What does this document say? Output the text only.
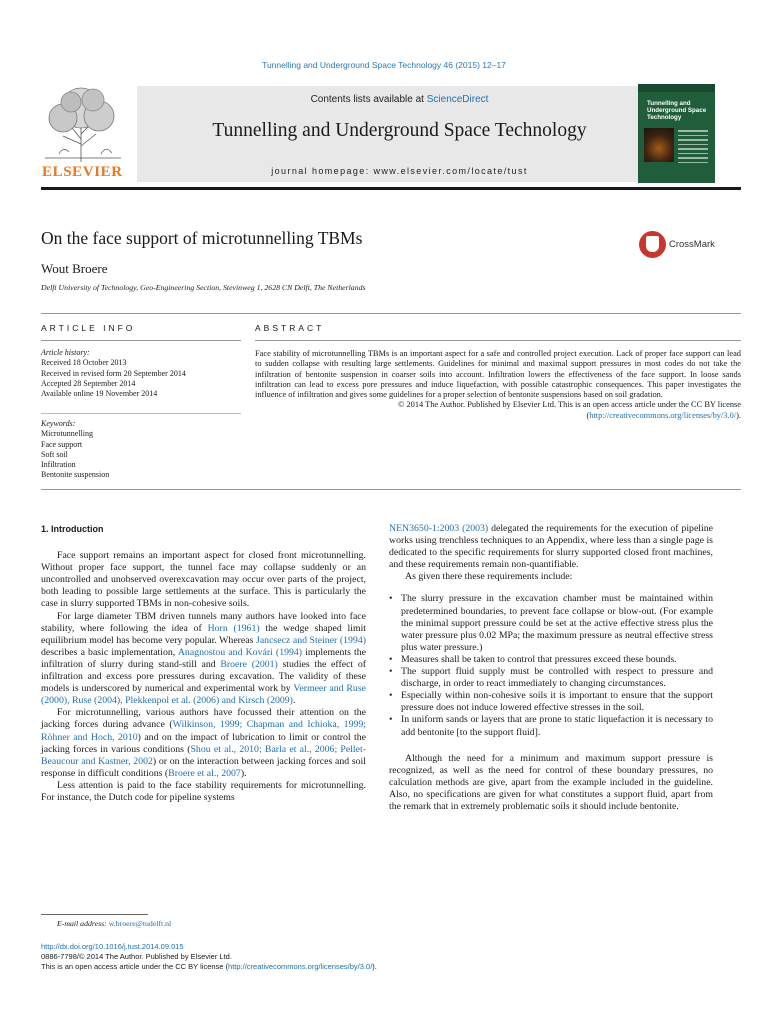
Tunnelling and Underground Space Technology 46 (2015) 12–17
ELSEVIER
Contents lists available at ScienceDirect
Tunnelling and Underground Space Technology
journal homepage: www.elsevier.com/locate/tust
Tunnelling and Underground Space Technology
On the face support of microtunnelling TBMs	CrossMark
Wout Broere
Delft University of Technology, Geo-Engineering Section, Stevinweg 1, 2628 CN Delft, The Netherlands
ARTICLE INFO	ABSTRACT
Article history:
Received 18 October 2013
Received in revised form 20 September 2014
Accepted 28 September 2014
Available online 19 November 2014
Keywords:
Microtunnelling
Face support
Soft soil
Infiltration
Bentonite suspension
Face stability of microtunnelling TBMs is an important aspect for a safe and controlled project execution. Lack of proper face support can lead to sudden collapse with resulting large settlements. Guidelines for minimal and maximal support pressures in most codes do not take the infiltration of bentonite suspension in coarser soils into account. Infiltration lowers the effectiveness of the face support. In loose sands infiltration can lead to excess pore pressures and induce liquefaction, with possible catastrophic consequences. This paper investigates the influence of infiltration and gives some guidelines for a proper selection of bentonite suspensions based on soil gradation.
© 2014 The Author. Published by Elsevier Ltd. This is an open access article under the CC BY license (http://creativecommons.org/licenses/by/3.0/).
1. Introduction

Face support remains an important aspect for closed front microtunnelling. Without proper face support, the tunnel face may collapse suddenly or an uncontrolled and unobserved overexcavation may occur over parts of the project, both leading to possible large settlements at the surface. This is particularly the case in slurry supported TBMs in non-cohesive soils.

For large diameter TBM driven tunnels many authors have looked into face stability, where following the idea of Horn (1961) the wedge shaped limit equilibrium model has become very popular. Whereas Jancsecz and Steiner (1994) describes a basic implementation, Anagnostou and Kovári (1994) implements the infiltration of slurry during stand-still and Broere (2001) studies the effect of infiltration and excess pore pressures during excavation. The validity of these models is underscored by numerical and experimental work by Vermeer and Ruse (2000), Ruse (2004), Plekkenpol et al. (2006) and Kirsch (2009).

For microtunnelling, various authors have focussed their attention on the jacking forces during advance (Wilkinson, 1999; Chapman and Ichioka, 1999; Röhner and Hoch, 2010) and on the impact of lubrication to limit or control the jacking forces in various conditions (Shou et al., 2010; Barla et al., 2006; Pellet-Beaucour and Kastner, 2002) or on the interaction between jacking forces and soil response in difficult conditions (Broere et al., 2007).

Less attention is paid to the face stability requirements for microtunnelling. For instance, the Dutch code for pipeline systems

NEN3650-1:2003 (2003) delegated the requirements for the execution of pipeline works using trenchless techniques to an Appendix, where less than a single page is dedicated to the specific requirements for slurry supported closed front machines, and these requirements remain non-quantifiable.

As given there these requirements include:

• The slurry pressure in the excavation chamber must be maintained within predetermined boundaries, to prevent face collapse or blow-out. (For example the minimal support pressure could be set at the active effective stress plus the water pressure plus 0.02 MPa; the maximum pressure as neutral effective stress plus water pressure.)
• Measures shall be taken to control that pressures exceed these bounds.
• The support fluid supply must be controlled with respect to pressure and discharge, in order to react immediately to changing circumstances.
• Especially within non-cohesive soils it is important to ensure that the support pressure does not induce lowered effective stresses in the soil.
• In uniform sands or layers that are prone to static liquefaction it is necessary to add bentonite [to the support fluid].

Although the need for a minimum and maximum support pressure is recognized, as well as the need for control of these boundary pressures, no calculation methods are give, apart from the example included in the guideline. Also, no specifications are given for what constitutes a support fluid, apart from the remark that in extremely problematic soils it should include bentonite.

E-mail address: w.broere@tudelft.nl
http://dx.doi.org/10.1016/j.tust.2014.09.015
0886-7798/© 2014 The Author. Published by Elsevier Ltd.
This is an open access article under the CC BY license (http://creativecommons.org/licenses/by/3.0/).
